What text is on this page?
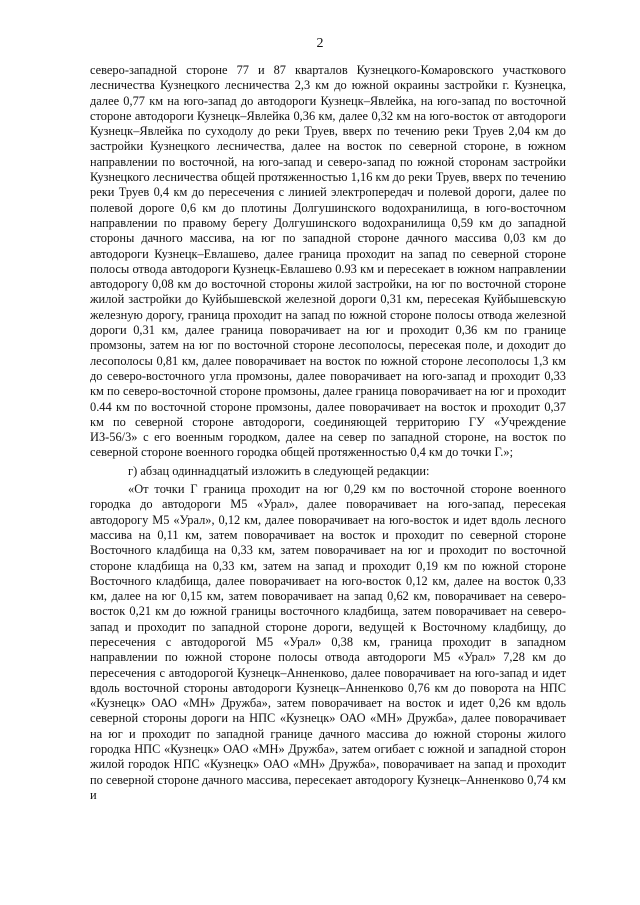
2

северо-западной стороне 77 и 87 кварталов Кузнецкого-Комаровского участкового лесничества Кузнецкого лесничества 2,3 км до южной окраины застройки г. Кузнецка, далее 0,77 км на юго-запад до автодороги Кузнецк–Явлейка, на юго-запад по восточной стороне автодороги Кузнецк–Явлейка 0,36 км, далее 0,32 км на юго-восток от автодороги Кузнецк–Явлейка по суходолу до реки Труев, вверх по течению реки Труев 2,04 км до застройки Кузнецкого лесничества, далее на восток по северной стороне, в южном направлении по восточной, на юго-запад и северо-запад по южной сторонам застройки Кузнецкого лесничества общей протяженностью 1,16 км до реки Труев, вверх по течению реки Труев 0,4 км до пересечения с линией электропередач и полевой дороги, далее по полевой дороге 0,6 км до плотины Долгушинского водохранилища, в юго-восточном направлении по правому берегу Долгушинского водохранилища 0,59 км до западной стороны дачного массива, на юг по западной стороне дачного массива 0,03 км до автодороги Кузнецк–Евлашево, далее граница проходит на запад по северной стороне полосы отвода автодороги Кузнецк-Евлашево 0.93 км и пересекает в южном направлении автодорогу 0,08 км до восточной стороны жилой застройки, на юг по восточной стороне жилой застройки до Куйбышевской железной дороги 0,31 км, пересекая Куйбышевскую железную дорогу, граница проходит на запад по южной стороне полосы отвода железной дороги 0,31 км, далее граница поворачивает на юг и проходит 0,36 км по границе промзоны, затем на юг по восточной стороне лесополосы, пересекая поле, и доходит до лесополосы 0,81 км, далее поворачивает на восток по южной стороне лесополосы 1,3 км до северо-восточного угла промзоны, далее поворачивает на юго-запад и проходит 0,33 км по северо-восточной стороне промзоны, далее граница поворачивает на юг и проходит 0.44 км по восточной стороне промзоны, далее поворачивает на восток и проходит 0,37 км по северной стороне автодороги, соединяющей территорию ГУ «Учреждение ИЗ-56/3» с его военным городком, далее на север по западной стороне, на восток по северной стороне военного городка общей протяженностью 0,4 км до точки Г.»;

г) абзац одиннадцатый изложить в следующей редакции:

«От точки Г граница проходит на юг 0,29 км по восточной стороне военного городка до автодороги М5 «Урал», далее поворачивает на юго-запад, пересекая автодорогу М5 «Урал», 0,12 км, далее поворачивает на юго-восток и идет вдоль лесного массива на 0,11 км, затем поворачивает на восток и проходит по северной стороне Восточного кладбища на 0,33 км, затем поворачивает на юг и проходит по восточной стороне кладбища на 0,33 км, затем на запад и проходит 0,19 км по южной стороне Восточного кладбища, далее поворачивает на юго-восток 0,12 км, далее на восток 0,33 км, далее на юг 0,15 км, затем поворачивает на запад 0,62 км, поворачивает на северо-восток 0,21 км до южной границы восточного кладбища, затем поворачивает на северо-запад и проходит по западной стороне дороги, ведущей к Восточному кладбищу, до пересечения с автодорогой М5 «Урал» 0,38 км, граница проходит в западном направлении по южной стороне полосы отвода автодороги М5 «Урал» 7,28 км до пересечения с автодорогой Кузнецк–Анненково, далее поворачивает на юго-запад и идет вдоль восточной стороны автодороги Кузнецк–Анненково 0,76 км до поворота на НПС «Кузнецк» ОАО «МН» Дружба», затем поворачивает на восток и идет 0,26 км вдоль северной стороны дороги на НПС «Кузнецк» ОАО «МН» Дружба», далее поворачивает на юг и проходит по западной границе дачного массива до южной стороны жилого городка НПС «Кузнецк» ОАО «МН» Дружба», затем огибает с южной и западной сторон жилой городок НПС «Кузнецк» ОАО «МН» Дружба», поворачивает на запад и проходит по северной стороне дачного массива, пересекает автодорогу Кузнецк–Анненково 0,74 км и
